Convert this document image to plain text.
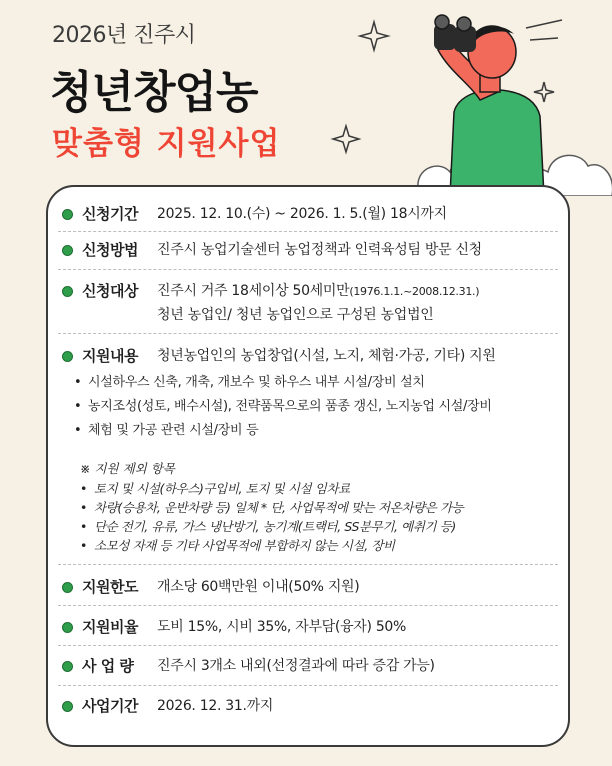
2026년 진주시
청년창업농
맞춤형 지원사업
신청기간 2025. 12. 10.(수) ~ 2026. 1. 5.(월) 18시까지
신청방법 진주시 농업기술센터 농업정책과 인력육성팀 방문 신청
신청대상 진주시 거주 18세이상 50세미만(1976.1.1.~2008.12.31.)
청년 농업인/ 청년 농업인으로 구성된 농업법인
지원내용 청년농업인의 농업창업(시설, 노지, 체험·가공, 기타) 지원
• 시설하우스 신축, 개축, 개보수 및 하우스 내부 시설/장비 설치
• 농지조성(성토, 배수시설), 전략품목으로의 품종 갱신, 노지농업 시설/장비
• 체험 및 가공 관련 시설/장비 등
※ 지원 제외 항목
• 토지 및 시설(하우스)구입비, 토지 및 시설 임차료
• 차량(승용차, 운반차량 등) 일체 * 단, 사업목적에 맞는 저온차량은 가능
• 단순 전기, 유류, 가스 냉난방기, 농기계(트랙터, SS분무기, 예취기 등)
• 소모성 자재 등 기타 사업목적에 부합하지 않는 시설, 장비
지원한도 개소당 60백만원 이내(50% 지원)
지원비율 도비 15%, 시비 35%, 자부담(융자) 50%
사 업 량 진주시 3개소 내외(선정결과에 따라 증감 가능)
사업기간 2026. 12. 31.까지
